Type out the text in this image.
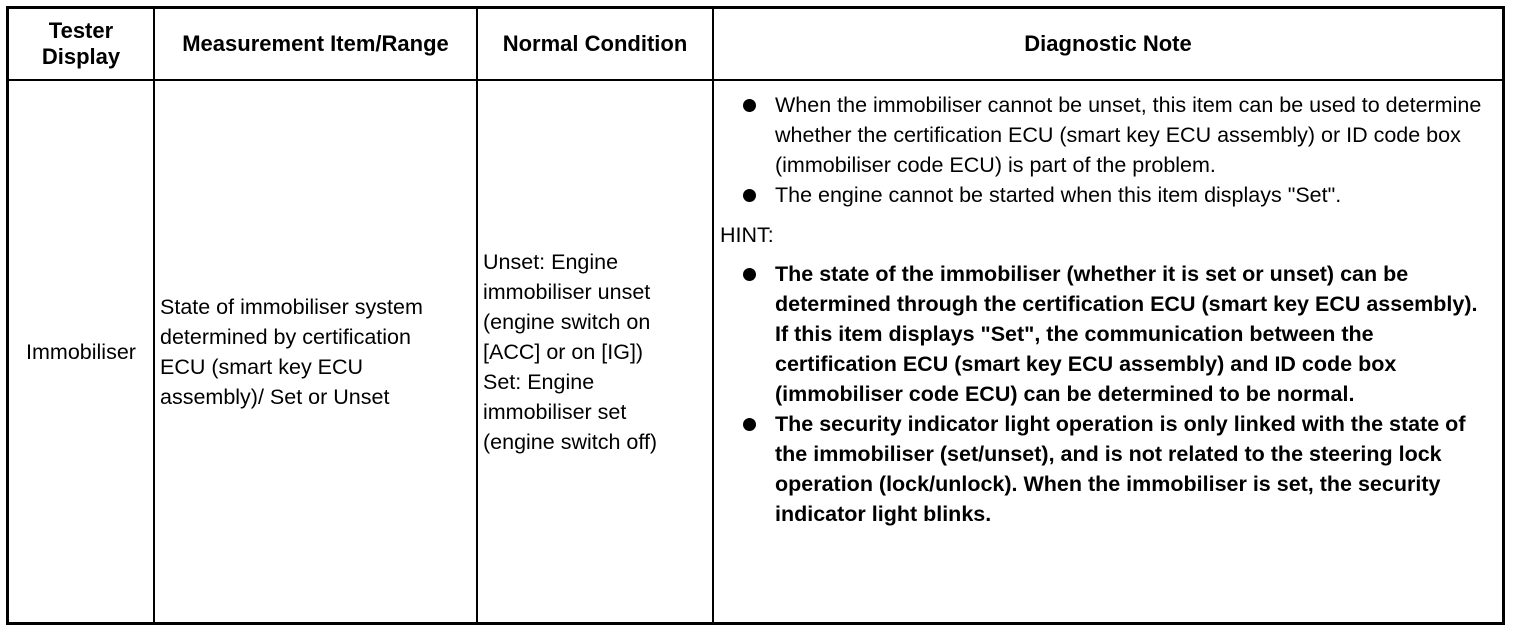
Tester
Display
Measurement Item/Range	Normal Condition	Diagnostic Note
Immobiliser
State of immobiliser system
determined by certification
ECU (smart key ECU
assembly)/ Set or Unset
Unset: Engine
immobiliser unset
(engine switch on
[ACC] or on [IG])
Set: Engine
immobiliser set
(engine switch off)
When the immobiliser cannot be unset, this item can be used to determine whether the certification ECU (smart key ECU assembly) or ID code box (immobiliser code ECU) is part of the problem.
The engine cannot be started when this item displays "Set".
HINT:
The state of the immobiliser (whether it is set or unset) can be determined through the certification ECU (smart key ECU assembly). If this item displays "Set", the communication between the certification ECU (smart key ECU assembly) and ID code box (immobiliser code ECU) can be determined to be normal.
The security indicator light operation is only linked with the state of the immobiliser (set/unset), and is not related to the steering lock operation (lock/unlock). When the immobiliser is set, the security indicator light blinks.
